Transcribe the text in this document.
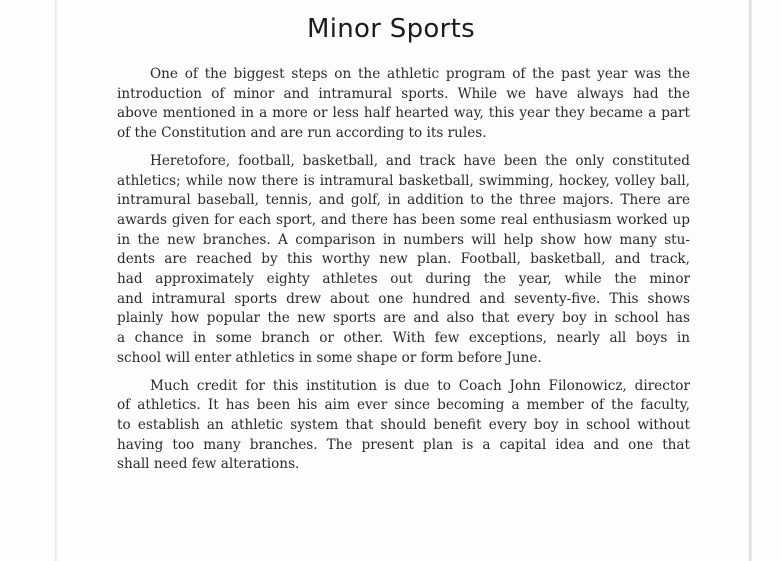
Minor Sports

One of the biggest steps on the athletic program of the past year was the
introduction of minor and intramural sports. While we have always had the
above mentioned in a more or less half hearted way, this year they became a part
of the Constitution and are run according to its rules.

Heretofore, football, basketball, and track have been the only constituted
athletics; while now there is intramural basketball, swimming, hockey, volley ball,
intramural baseball, tennis, and golf, in addition to the three majors. There are
awards given for each sport, and there has been some real enthusiasm worked up
in the new branches. A comparison in numbers will help show how many stu-
dents are reached by this worthy new plan. Football, basketball, and track,
had approximately eighty athletes out during the year, while the minor
and intramural sports drew about one hundred and seventy-five. This shows
plainly how popular the new sports are and also that every boy in school has
a chance in some branch or other. With few exceptions, nearly all boys in
school will enter athletics in some shape or form before June.

Much credit for this institution is due to Coach John Filonowicz, director
of athletics. It has been his aim ever since becoming a member of the faculty,
to establish an athletic system that should benefit every boy in school without
having too many branches. The present plan is a capital idea and one that
shall need few alterations.
